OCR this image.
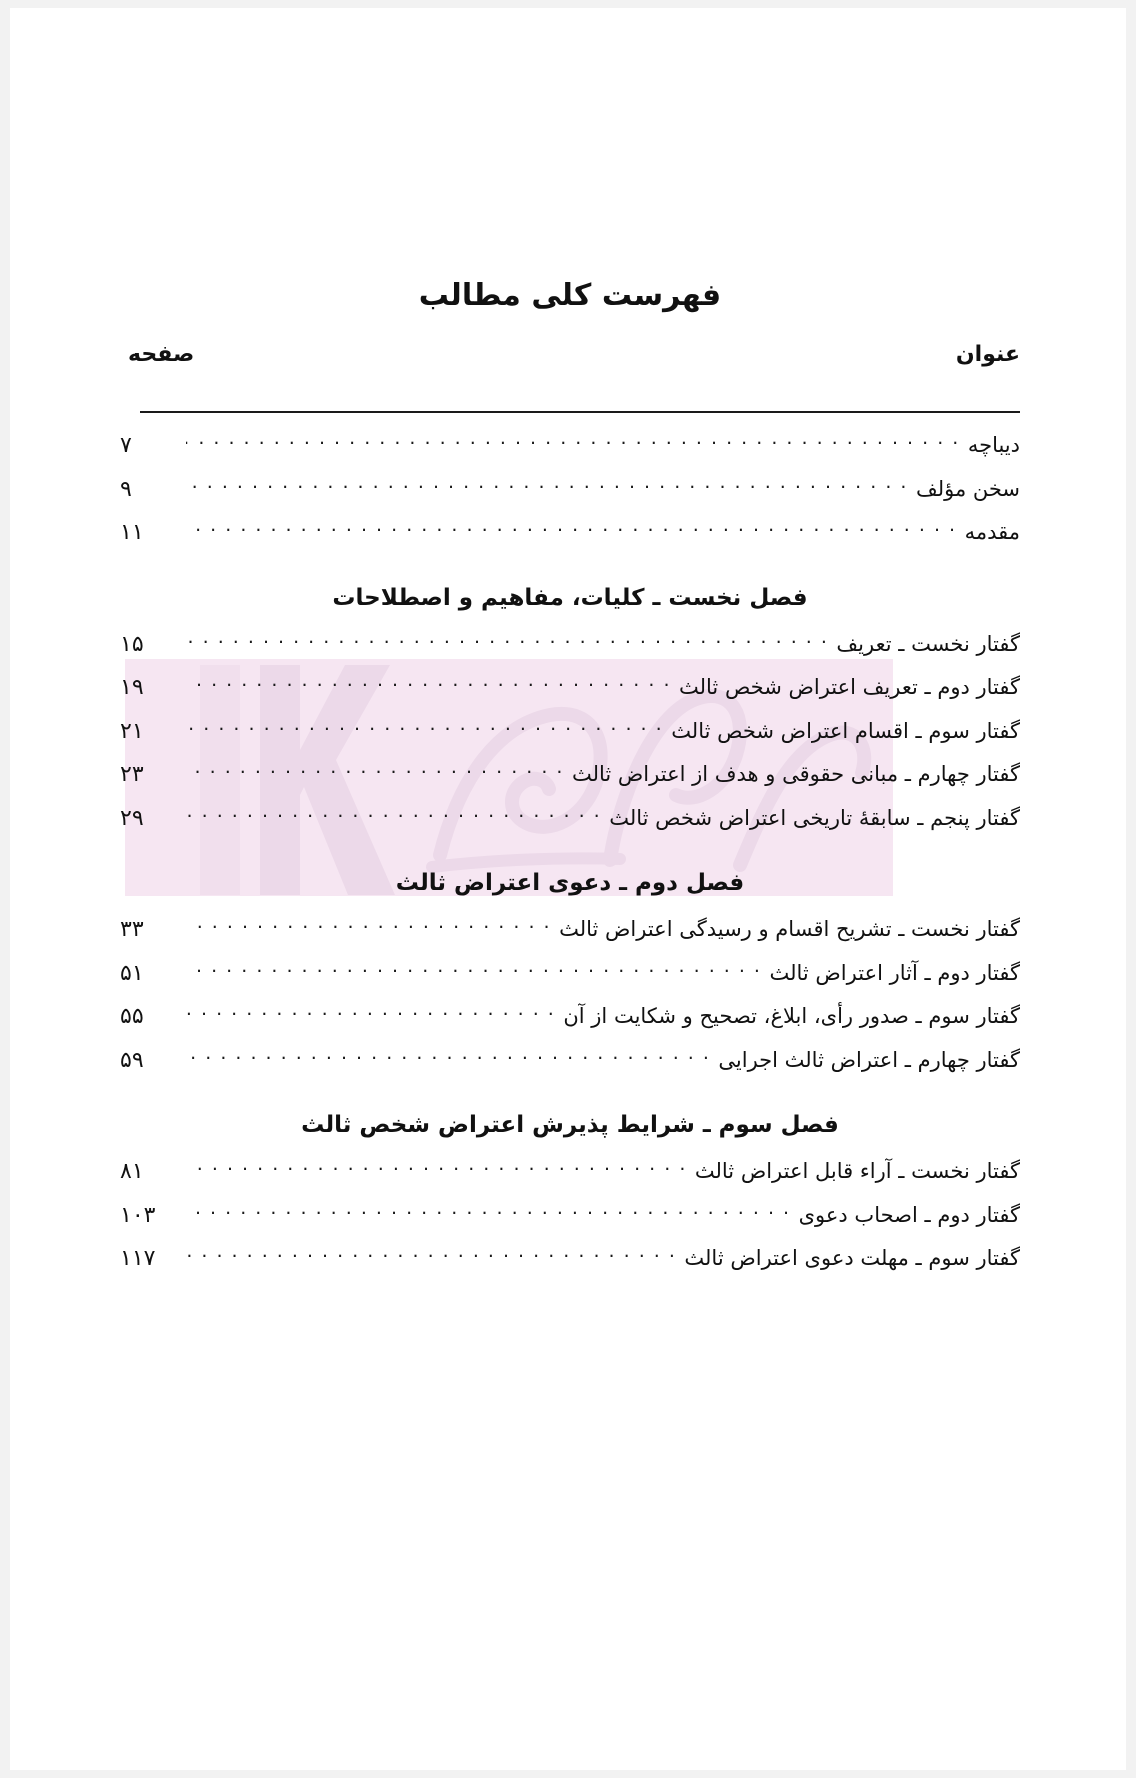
فهرست کلی مطالب
عنوان
صفحه
دیباچه
. . .
۷
سخن مؤلف
. . .
۹
مقدمه
. . .
۱۱
فصل نخست ـ کلیات، مفاهیم و اصطلاحات
گفتار نخست ـ تعریف
. . .
۱۵
گفتار دوم ـ تعریف اعتراض شخص ثالث
. . .
۱۹
گفتار سوم ـ اقسام اعتراض شخص ثالث
. . .
۲۱
گفتار چهارم ـ مبانی حقوقی و هدف از اعتراض ثالث
. . .
۲۳
گفتار پنجم ـ سابقۀ تاریخی اعتراض شخص ثالث
. . .
۲۹
فصل دوم ـ دعوی اعتراض ثالث
گفتار نخست ـ تشریح اقسام و رسیدگی اعتراض ثالث
. . .
۳۳
گفتار دوم ـ آثار اعتراض ثالث
. . .
۵۱
گفتار سوم ـ صدور رأی، ابلاغ، تصحیح و شکایت از آن
. . .
۵۵
گفتار چهارم ـ اعتراض ثالث اجرایی
. . .
۵۹
فصل سوم ـ شرایط پذیرش اعتراض شخص ثالث
گفتار نخست ـ آراء قابل اعتراض ثالث
. . .
۸۱
گفتار دوم ـ اصحاب دعوی
. . .
۱۰۳
گفتار سوم ـ مهلت دعوی اعتراض ثالث
. . .
۱۱۷
